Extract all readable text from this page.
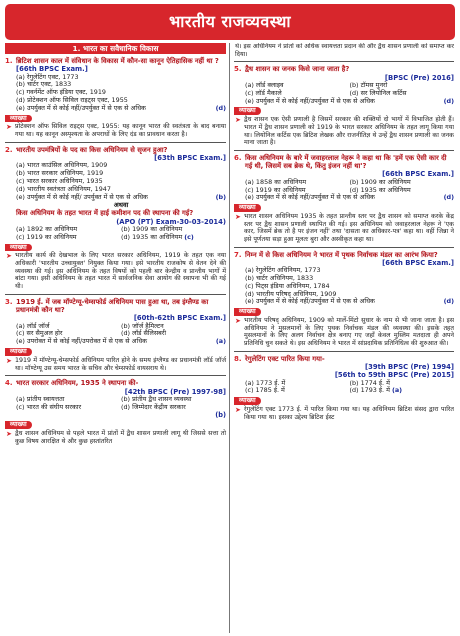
भारतीय राजव्यवस्था
1. भारत का सवैधानिक विकास
1. ब्रिटिश शासन काल में संविधान के विकास में कौन-सा कानून ऐतिहासिक नहीं था ? [66th BPSC Exam.]
(a) रेगुलेटिंग एक्ट, 1773
(b) चार्टर एक्ट, 1833
(c) गवर्नमेंट ऑफ इंडिया एक्ट, 1919
(d) प्रोटेक्शन ऑफ सिविल राइट्स एक्ट, 1955
(e) उपर्युक्त में से कोई नहीं/उपर्युक्त में से एक से अधिक	(d)
व्याख्या
➤ प्रोटेक्शन ऑफ सिविल राइट्स एक्ट, 1955: यह कानून भारत की स्वतंत्रता के बाद बनाया गया था। यह कानून अस्पृश्यता के अपराधों के लिए दंड का प्रावधान करता है।
2. भारतीय उपमंत्रियों के पद का किस अधिनियम से सृजन हुआ?
[63th BPSC Exam.]
(a) भारत काउंसिल अधिनियम, 1909
(b) भारत सरकार अधिनियम, 1919
(c) भारत सरकार अधिनियम, 1935
(d) भारतीय स्वतंत्रता अधिनियम, 1947
(e) उपर्युक्त में से कोई नहीं/ उपर्युक्त में से एक से अधिक	(b)
अथवा
किस अधिनियम के तहत भारत में हाई कमीशन पद की स्थापना की गई?
(APO (PT) Exam-30-03-2014)
(a) 1892 का अधिनियम	(b) 1909 का अधिनियम
(c) 1919 का अधिनियम	(d) 1935 का अधिनियम (c)
व्याख्या
➤ भारतीय कार्य की देखभाल के लिए भारत सरकार अधिनियम, 1919 के तहत एक नया अधिकारी 'भारतीय उच्चायुक्त' नियुक्त किया गया। इसे भारतीय राजकोष से वेतन देने की व्यवस्था की गई। इस अधिनियम के तहत विषयों को पहली बार केन्द्रीय व प्रान्तीय भागों में बांटा गया। इसी अधिनियम के तहत भारत में सार्वजनिक सेवा आयोग की स्थापना भी की गई थी।
3. 1919 ई. में जब मॉण्टेग्यू-चेम्सफोर्ड अधिनियम पास हुआ था, तब इंग्लैण्ड का प्रधानमंत्री कौन था?
[60th-62th BPSC Exam.]
(a) लॉर्ड जॉर्ज	(b) जॉर्ज हैमिल्टन
(c) सर सैमुअल होर	(d) लॉर्ड सैलिसबरी
(e) उपरोक्त में से कोई नहीं/उपरोक्त में से एक से अधिक	(a)
व्याख्या
➤ 1919 में मॉण्टेग्यू-चेम्सफोर्ड अधिनियम पारित होने के समय इंग्लैण्ड का प्रधानमंत्री लॉर्ड जॉर्ज था। मॉण्टेग्यू उस समय भारत के सचिव और चेम्सफोर्ड वायसराय थे।
4. भारत सरकार अधिनियम, 1935 ने स्थापना की-
[42th BPSC (Pre) 1997-98]
(a) प्रांतीय स्वायत्तता	(b) प्रांतीय द्वैध शासन व्यवस्था
(c) भारत की संघीय सरकार	(d) जिम्मेदार केंद्रीय सरकार
(b)
व्याख्या
➤ द्वैध शासन अधिनियम से पहले भारत में प्रांतों में द्वैध शासन प्रणाली लागू थी जिससे सत्ता तो कुछ विषय आरक्षित थे और कुछ हस्तांतरित
थे। इस अधिनियम ने प्रांतों को अधिक स्वायत्तता प्रदान की और द्वैध शासन प्रणाली को समाप्त कर दिया।
5. द्वैध शासन का जनक किसे जाना जाता है?
[BPSC (Pre) 2016]
(a) लॉर्ड क्लाइव	(b) टॉमस मुनरो
(c) लॉर्ड मैकाले	(d) सर लियोनिल कर्टिस
(e) उपर्युक्त में से कोई नहीं/उपर्युक्त में से एक से अधिक	(d)
व्याख्या
➤ द्वैध शासन एक ऐसी प्रणाली है जिसमें सरकार की शक्तियों दो भागों में विभाजित होती हैं। भारत में द्वैध शासन प्रणाली को 1919 के भारत सरकार अधिनियम के तहत लागू किया गया था। लियोनिल कर्टिस एक ब्रिटिश लेखक और राजनीतिज्ञ थे उन्हें द्वैध शासन प्रणाली का जनक माना जाता है।
6. किस अधिनियम के बारे में जवाहरलाल नेहरू ने कहा था कि 'हमें एक ऐसी कार दी गई थी, जिसमें सब ब्रेक थे, किंतु इंजन नहीं था'?
[66th BPSC Exam.]
(a) 1858 का अधिनियम	(b) 1909 का अधिनियम
(c) 1919 का अधिनियम	(d) 1935 का अधिनियम
(e) उपर्युक्त में से कोई नहीं/उपर्युक्त में से एक से अधिक	(d)
व्याख्या
➤ भारत शासन अधिनियम 1935 के तहत प्रान्तीय स्तर पर द्वैध शासन को समाप्त करके केंद्र स्तर पर द्वैध शासन प्रणाली स्थापित की गई। इस अधिनियम को जवाहरलाल नेहरू ने 'एक कार, जिसमें ब्रेक तो है पर इंजन नहीं' तथा 'दासता का अधिकार-पत्र' कहा था। वहीं जिन्ना ने इसे पूर्णतया सड़ा हुआ मूलतः बुरा और अस्वीकृत कहा था।
7. निम्न में से किस अधिनियम ने भारत में पृथक निर्वाचक मंडल का आरंभ किया?
[66th BPSC Exam.]
(a) रेगुलेटिंग अधिनियम, 1773
(b) चार्टर अधिनियम, 1833
(c) पिट्स इंडिया अधिनियम, 1784
(d) भारतीय परिषद् अधिनियम, 1909
(e) उपर्युक्त में से कोई नहीं/उपर्युक्त में से एक से अधिक	(d)
व्याख्या
➤ भारतीय परिषद् अधिनियम, 1909 को मार्ले-मिंटो सुधार के नाम से भी जाना जाता है। इस अधिनियम ने मुसलमानों के लिए पृथक निर्वाचक मंडल की व्यवस्था की। इसके तहत मुसलमानों के लिए अलग निर्वाचन क्षेत्र बनाए गए जहाँ केवल मुस्लिम मतदाता ही अपने प्रतिनिधि चुन सकते थे। इस अधिनियम ने भारत में सांप्रदायिक प्रतिनिधित्व की शुरुआत की।
8. रेगुलेटिंग एक्ट पारित किया गया-
[39th BPSC (Pre) 1994]
[56th to 59th BPSC (Pre) 2015]
(a) 1773 ई. में	(b) 1774 ई. में
(c) 1785 ई. में	(d) 1793 ई. में (a)
व्याख्या
➤ रेगुलेटिंग एक्ट 1773 ई. में पारित किया गया था। यह अधिनियम ब्रिटिश संसद द्वारा पारित किया गया था। इसका उद्देश्य ब्रिटिश ईस्ट
